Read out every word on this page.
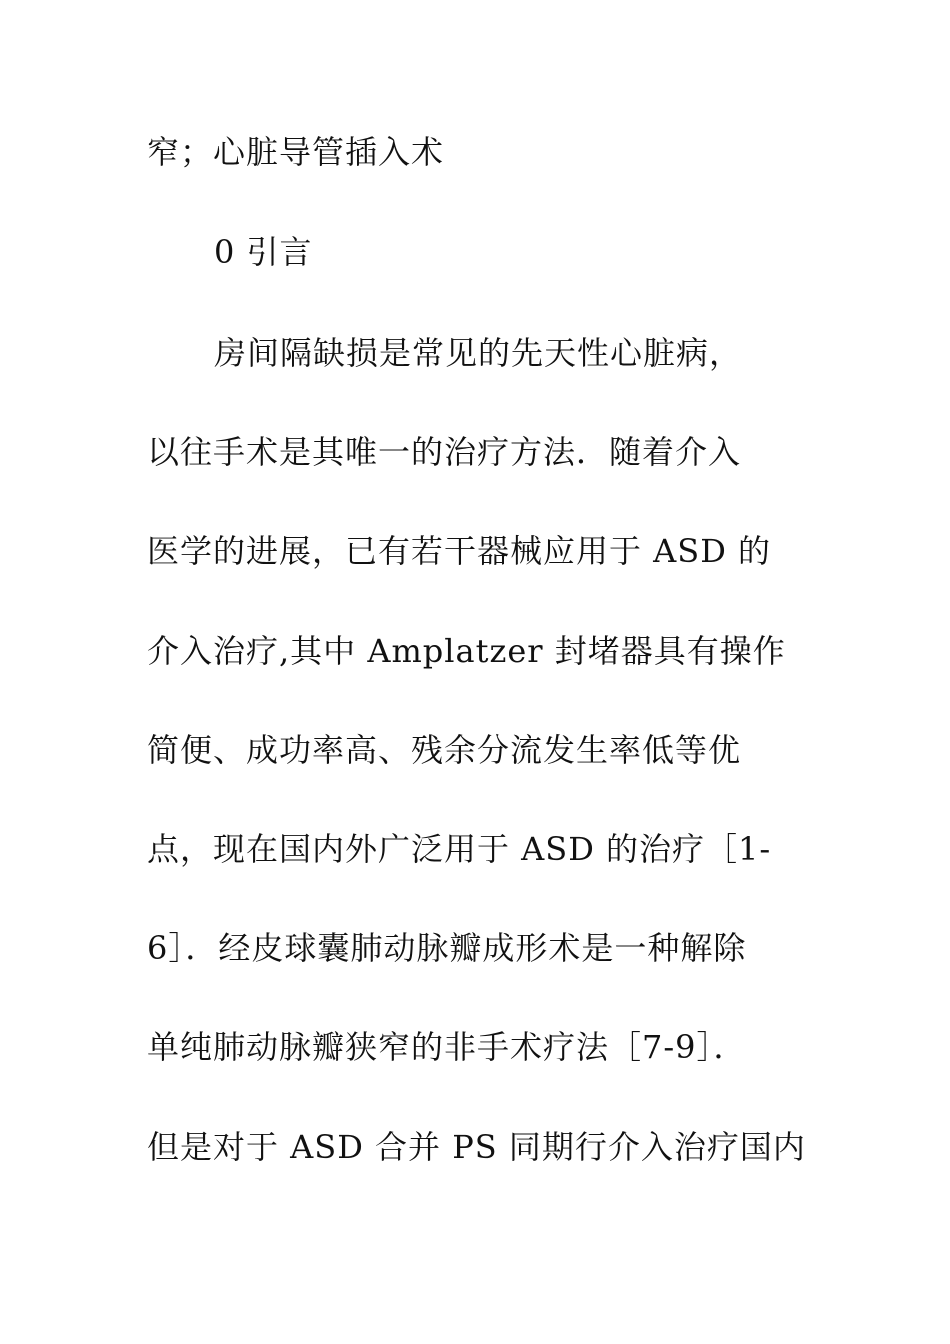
窄；心脏导管插入术
0 引言
房间隔缺损是常见的先天性心脏病，
以往手术是其唯一的治疗方法．随着介入
医学的进展，已有若干器械应用于 ASD 的
介入治疗,其中 Amplatzer 封堵器具有操作
简便、成功率高、残余分流发生率低等优
点，现在国内外广泛用于 ASD 的治疗［1-
6］．经皮球囊肺动脉瓣成形术是一种解除
单纯肺动脉瓣狭窄的非手术疗法［7-9］．
但是对于 ASD 合并 PS 同期行介入治疗国内
